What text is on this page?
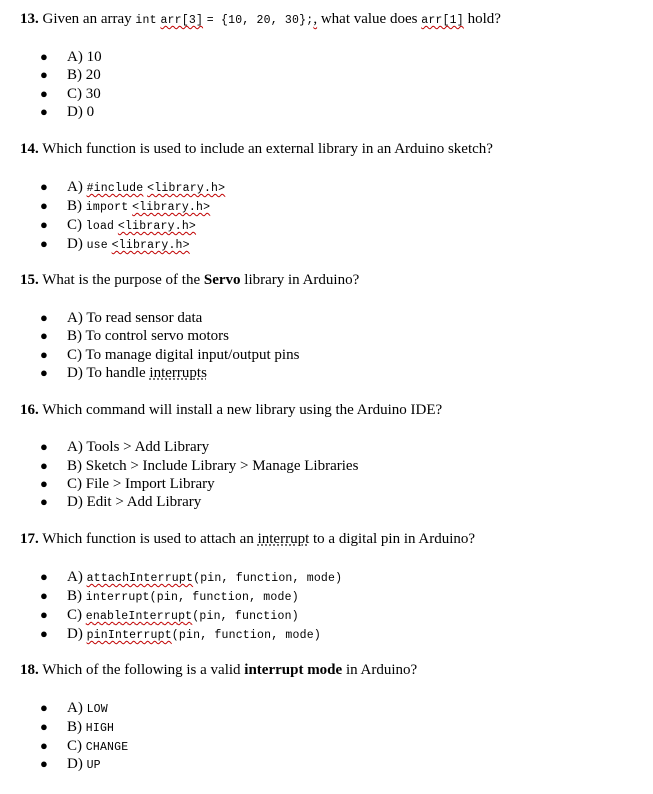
13. Given an array int arr[3] = {10, 20, 30};, what value does arr[1] hold?
● A) 10
● B) 20
● C) 30
● D) 0
14. Which function is used to include an external library in an Arduino sketch?
● A) #include <library.h>
● B) import <library.h>
● C) load <library.h>
● D) use <library.h>
15. What is the purpose of the Servo library in Arduino?
● A) To read sensor data
● B) To control servo motors
● C) To manage digital input/output pins
● D) To handle interrupts
16. Which command will install a new library using the Arduino IDE?
● A) Tools > Add Library
● B) Sketch > Include Library > Manage Libraries
● C) File > Import Library
● D) Edit > Add Library
17. Which function is used to attach an interrupt to a digital pin in Arduino?
● A) attachInterrupt(pin, function, mode)
● B) interrupt(pin, function, mode)
● C) enableInterrupt(pin, function)
● D) pinInterrupt(pin, function, mode)
18. Which of the following is a valid interrupt mode in Arduino?
● A) LOW
● B) HIGH
● C) CHANGE
● D) UP
